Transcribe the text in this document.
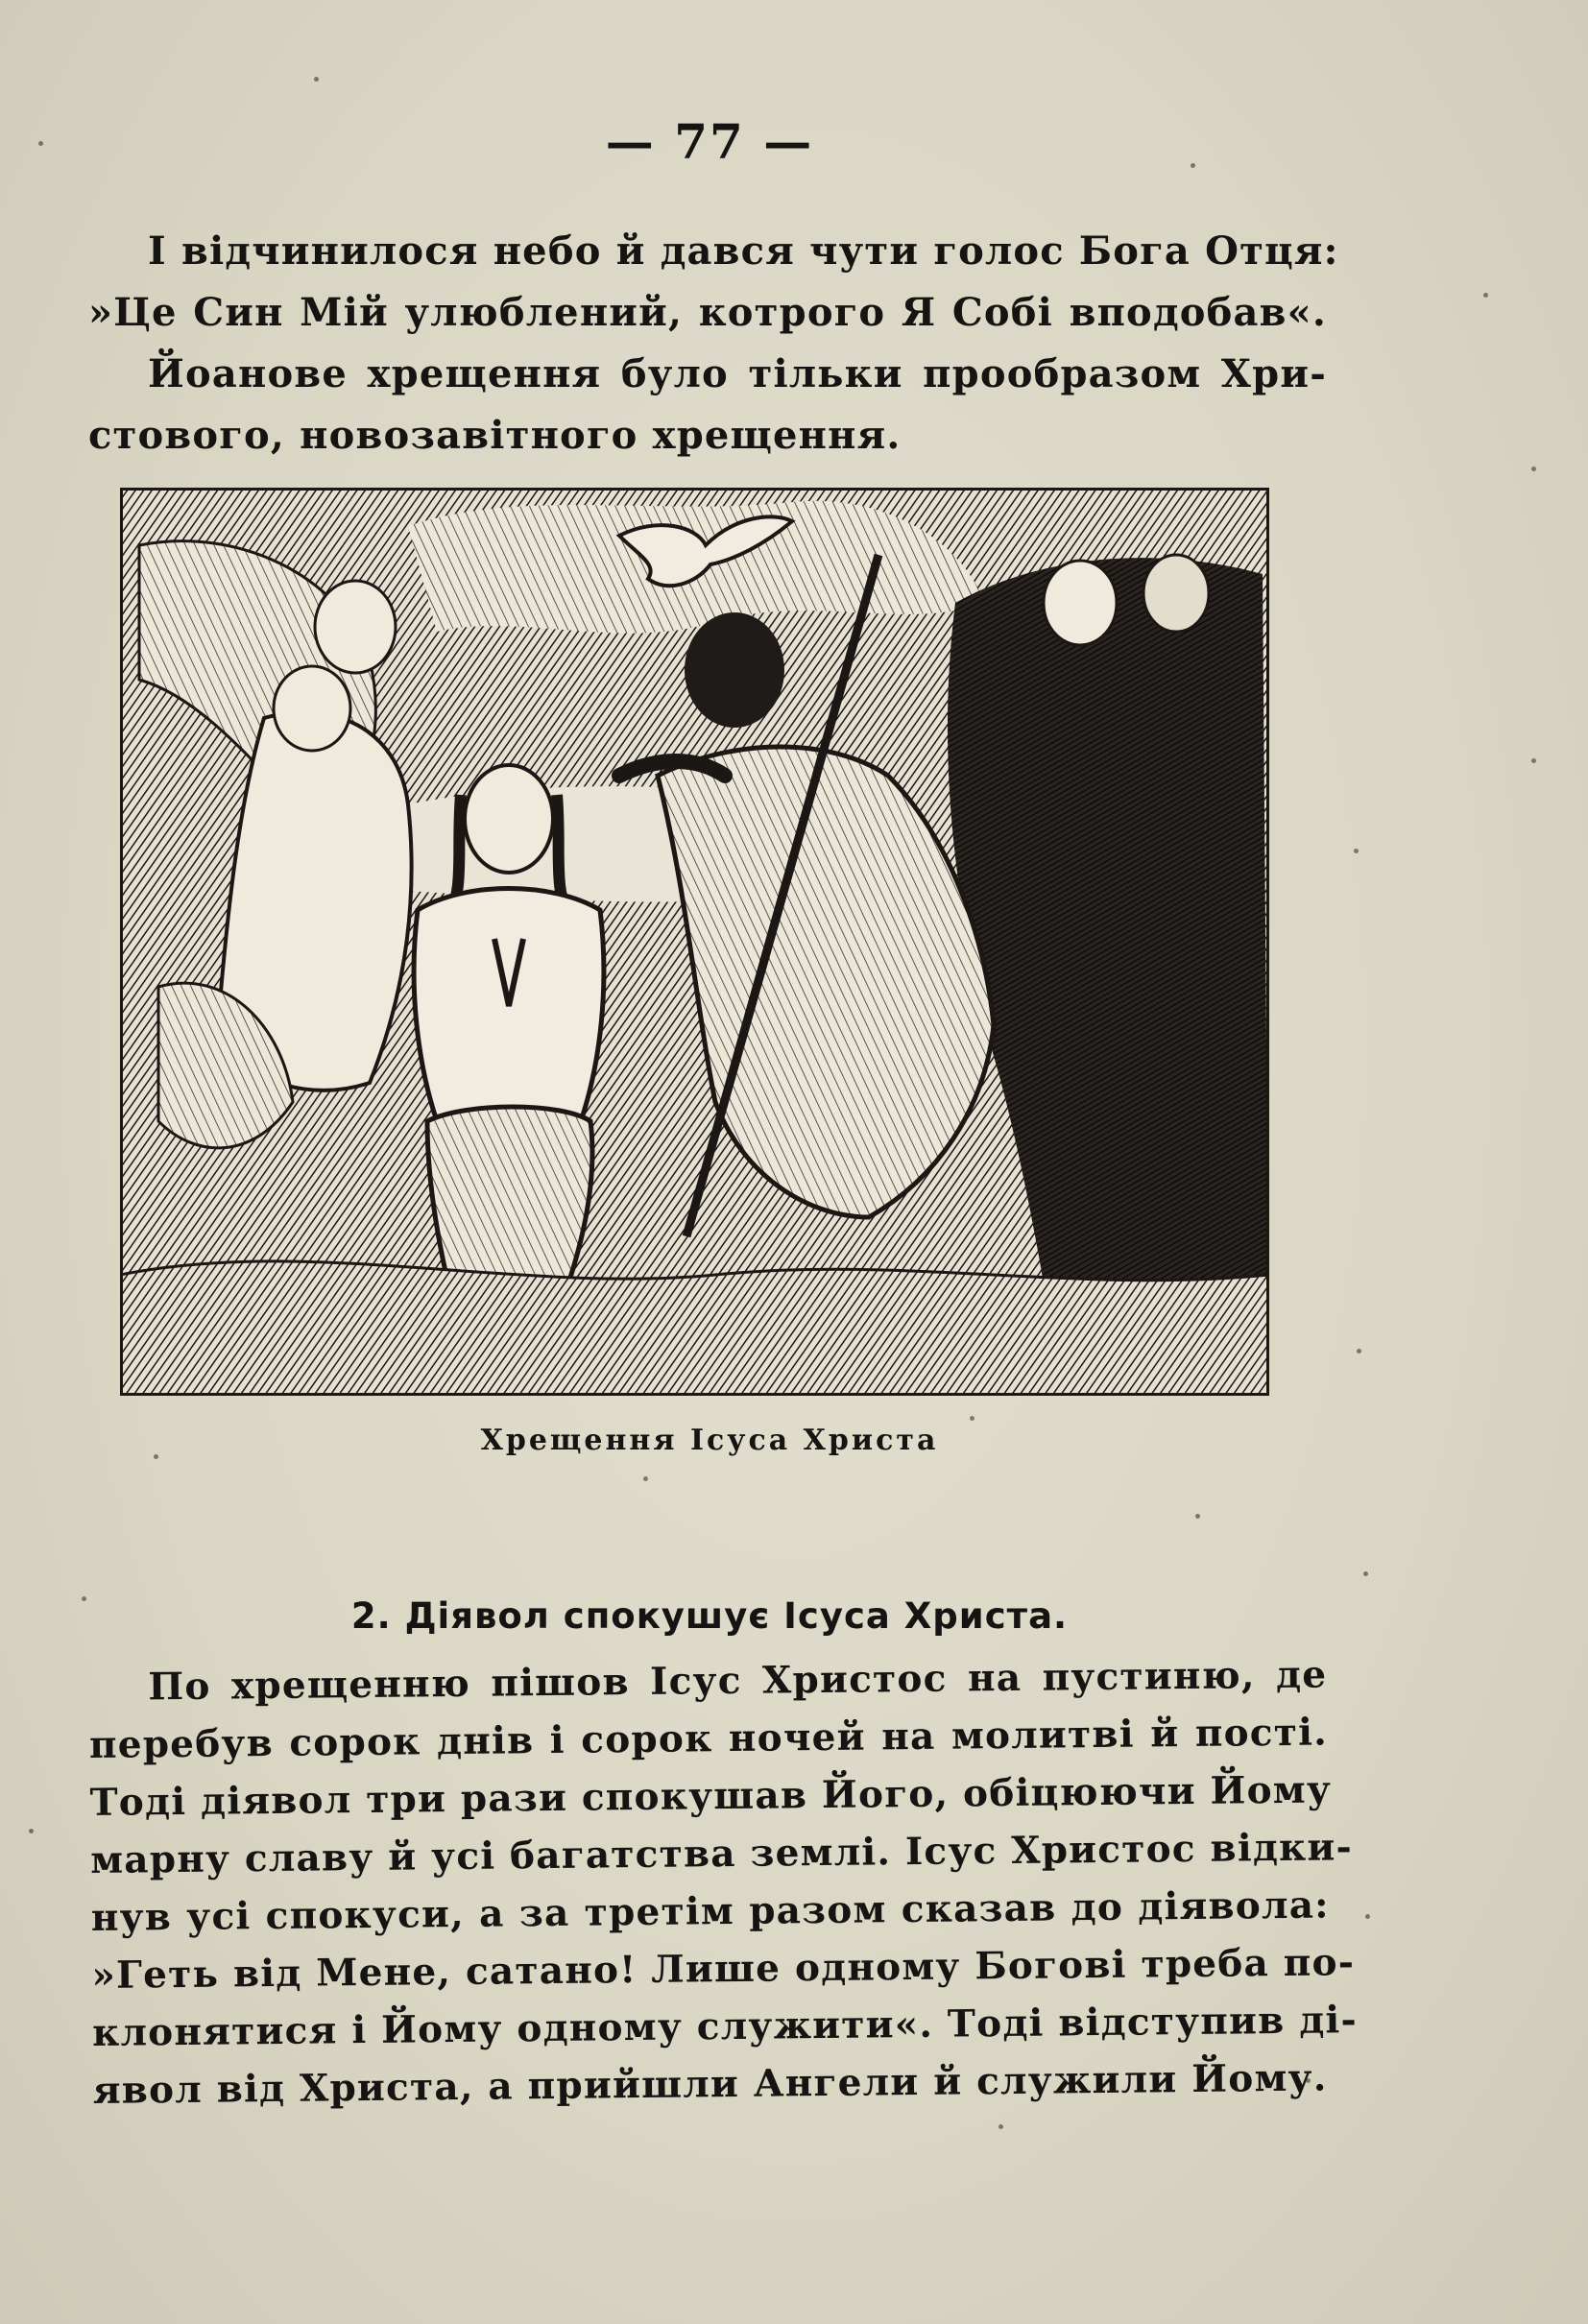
— 77 —
І відчинилося небо й дався чути голос Бога Отця:
»Це Син Мій улюблений, котрого Я Собі вподобав«.
Йоанове хрещення було тільки прообразом Хри-
стового, новозавітного хрещення.
Хрещення Ісуса Христа
2. Діявол спокушує Ісуса Христа.
По хрещенню пішов Ісус Христос на пустиню, де
перебув сорок днів і сорок ночей на молитві й пості.
Тоді діявол три рази спокушав Його, обіцюючи Йому
марну славу й усі багатства землі. Ісус Христос відки-
нув усі спокуси, а за третім разом сказав до діявола:
»Геть від Мене, сатано! Лише одному Богові треба по-
клонятися і Йому одному служити«. Тоді відступив ді-
явол від Христа, а прийшли Ангели й служили Йому.
